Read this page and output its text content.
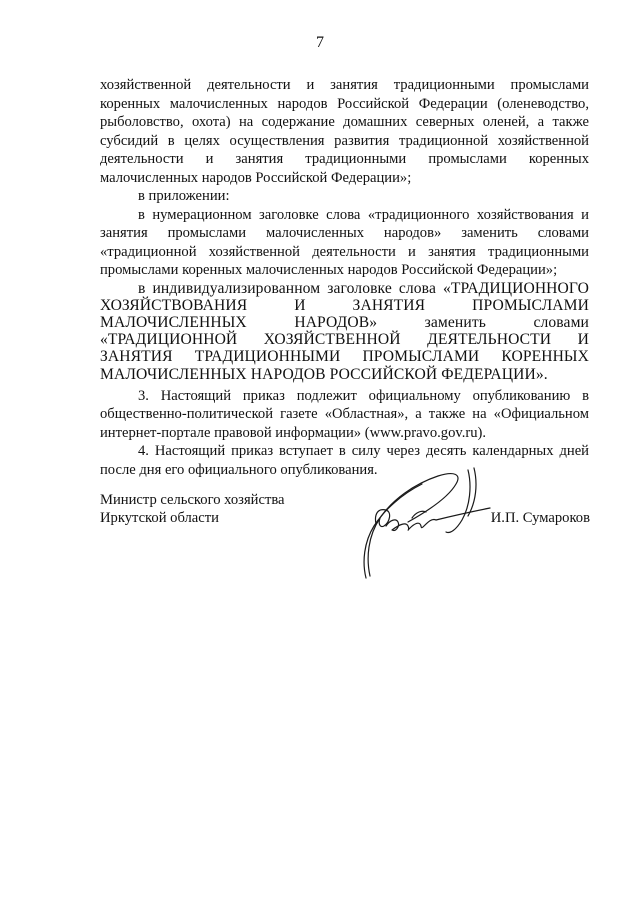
7

хозяйственной деятельности и занятия традиционными промыслами коренных малочисленных народов Российской Федерации (оленеводство, рыболовство, охота) на содержание домашних северных оленей, а также субсидий в целях осуществления развития традиционной хозяйственной деятельности и занятия традиционными промыслами коренных малочисленных народов Российской Федерации»;

в приложении:

в нумерационном заголовке слова «традиционного хозяйствования и занятия промыслами малочисленных народов» заменить словами «традиционной хозяйственной деятельности и занятия традиционными промыслами коренных малочисленных народов Российской Федерации»;

в индивидуализированном заголовке слова «ТРАДИЦИОННОГО ХОЗЯЙСТВОВАНИЯ И ЗАНЯТИЯ ПРОМЫСЛАМИ МАЛОЧИСЛЕННЫХ НАРОДОВ» заменить словами «ТРАДИЦИОННОЙ ХОЗЯЙСТВЕННОЙ ДЕЯТЕЛЬНОСТИ И ЗАНЯТИЯ ТРАДИЦИОННЫМИ ПРОМЫСЛАМИ КОРЕННЫХ МАЛОЧИСЛЕННЫХ НАРОДОВ РОССИЙСКОЙ ФЕДЕРАЦИИ».

3. Настоящий приказ подлежит официальному опубликованию в общественно-политической газете «Областная», а также на «Официальном интернет-портале правовой информации» (www.pravo.gov.ru).

4. Настоящий приказ вступает в силу через десять календарных дней после дня его официального опубликования.

Министр сельского хозяйства
Иркутской области	И.П. Сумароков
